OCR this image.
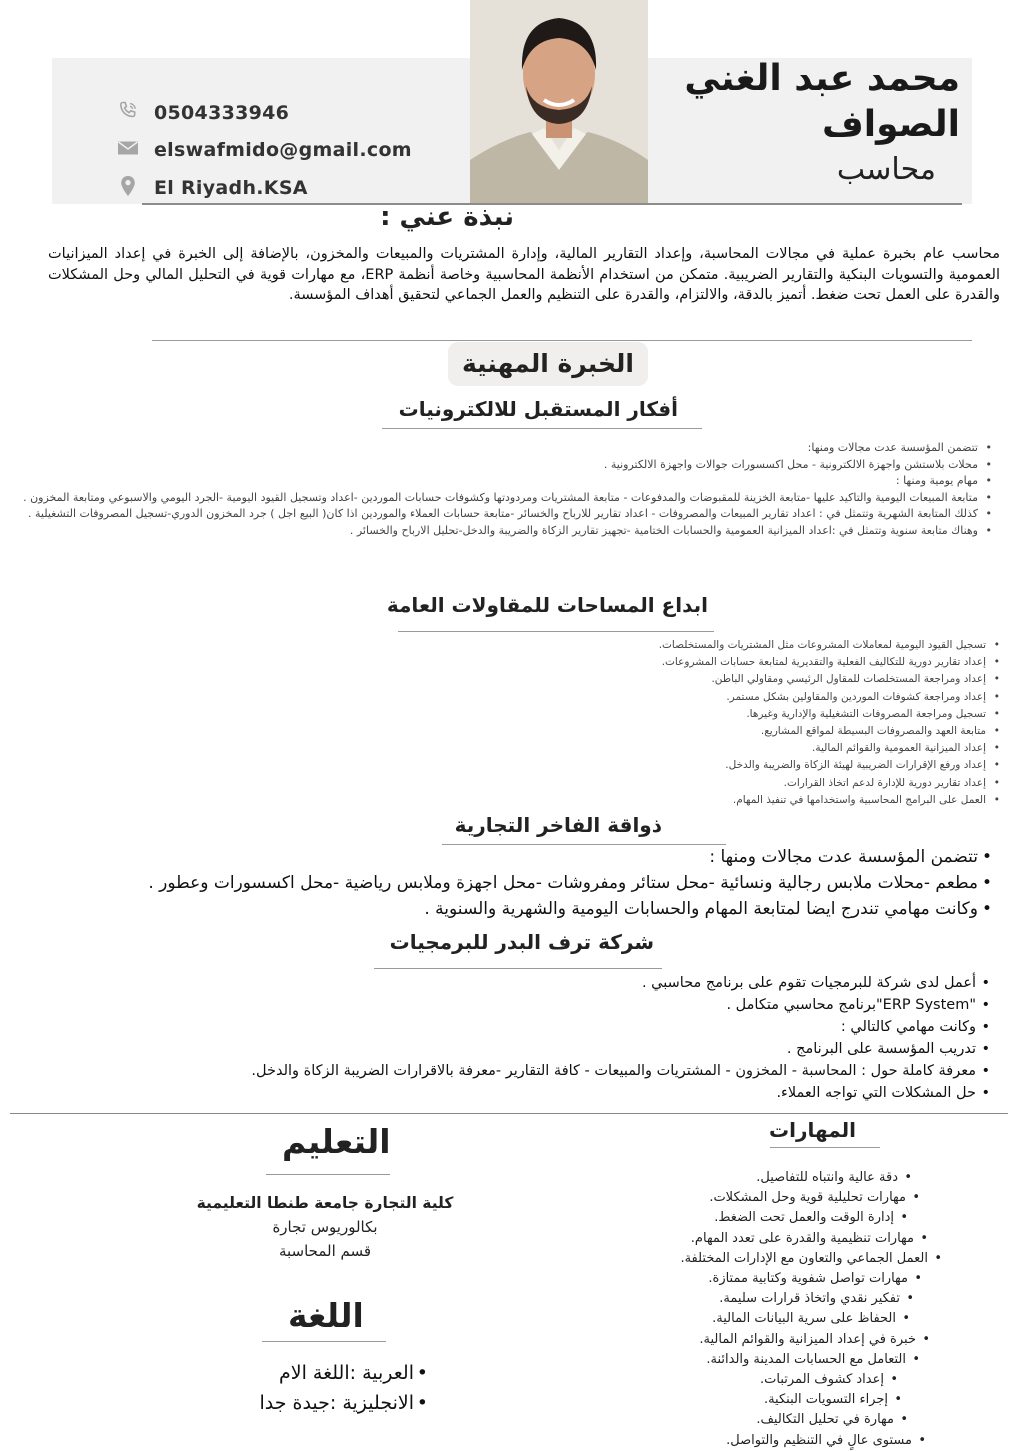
0504333946
elswafmido@gmail.com
El Riyadh.KSA
محمد عبد الغني
الصواف
محاسب
نبذة عني :
محاسب عام بخبرة عملية في مجالات المحاسبة، وإعداد التقارير المالية، وإدارة المشتريات والمبيعات والمخزون، بالإضافة إلى الخبرة في إعداد الميزانيات العمومية والتسويات البنكية والتقارير الضريبية. متمكن من استخدام الأنظمة المحاسبية وخاصة أنظمة ERP، مع مهارات قوية في التحليل المالي وحل المشكلات والقدرة على العمل تحت ضغط. أتميز بالدقة، والالتزام، والقدرة على التنظيم والعمل الجماعي لتحقيق أهداف المؤسسة.
الخبرة المهنية
أفكار المستقبل للالكترونيات
• تتضمن المؤسسة عدت مجالات ومنها:
• محلات بلاستشن واجهزة الالكترونية - محل اكسسورات جوالات واجهزة الالكترونية .
• مهام يومية ومنها :
• متابعة المبيعات اليومية والتاكيد عليها -متابعة الخزينة للمقبوضات والمدفوعات - متابعة المشتريات ومردودتها وكشوفات حسابات الموردين -اعداد وتسجيل القيود اليومية -الجرد اليومي والاسبوعي ومتابعة المخزون .
• كذلك المتابعة الشهرية وتتمثل في : اعداد تقارير المبيعات والمصروفات - اعداد تقارير للارباح والخسائر -متابعة حسابات العملاء والموردين اذا كان( البيع اجل ) جرد المخزون الدوري-تسجيل المصروفات التشغيلية .
• وهناك متابعة سنوية وتتمثل في :اعداد الميزانية العمومية والحسابات الختامية -تجهيز تقارير الزكاة والضريبة والدخل-تحليل الارباح والخسائر .
ابداع المساحات للمقاولات العامة
• تسجيل القيود اليومية لمعاملات المشروعات مثل المشتريات والمستخلصات.
• إعداد تقارير دورية للتكاليف الفعلية والتقديرية لمتابعة حسابات المشروعات.
• إعداد ومراجعة المستخلصات للمقاول الرئيسي ومقاولي الباطن.
• إعداد ومراجعة كشوفات الموردين والمقاولين بشكل مستمر.
• تسجيل ومراجعة المصروفات التشغيلية والإدارية وغيرها.
• متابعة العهد والمصروفات البسيطة لمواقع المشاريع.
• إعداد الميزانية العمومية والقوائم المالية.
• إعداد ورفع الإقرارات الضريبية لهيئة الزكاة والضريبة والدخل.
• إعداد تقارير دورية للإدارة لدعم اتخاذ القرارات.
• العمل على البرامج المحاسبية واستخدامها في تنفيذ المهام.
ذواقة الفاخر التجارية
• تتضمن المؤسسة عدت مجالات ومنها :
• مطعم -محلات ملابس رجالية ونسائية -محل ستائر ومفروشات -محل اجهزة وملابس رياضية -محل اكسسورات وعطور .
• وكانت مهامي تندرج ايضا لمتابعة المهام والحسابات اليومية والشهرية والسنوية .
شركة ترف البدر للبرمجيات
• أعمل لدى شركة للبرمجيات تقوم على برنامج محاسبي .
• "ERP System"برنامج محاسبي متكامل .
• وكانت مهامي كالتالي :
• تدريب المؤسسة على البرنامج .
• معرفة كاملة حول : المحاسبة - المخزون - المشتريات والمبيعات - كافة التقارير -معرفة بالاقرارات الضريبة الزكاة والدخل.
• حل المشكلات التي تواجه العملاء.
المهارات
• دقة عالية وانتباه للتفاصيل.
• مهارات تحليلية قوية وحل المشكلات.
• إدارة الوقت والعمل تحت الضغط.
• مهارات تنظيمية والقدرة على تعدد المهام.
• العمل الجماعي والتعاون مع الإدارات المختلفة.
• مهارات تواصل شفوية وكتابية ممتازة.
• تفكير نقدي واتخاذ قرارات سليمة.
• الحفاظ على سرية البيانات المالية.
• خبرة في إعداد الميزانية والقوائم المالية.
• التعامل مع الحسابات المدينة والدائنة.
• إعداد كشوف المرتبات.
• إجراء التسويات البنكية.
• مهارة في تحليل التكاليف.
• مستوى عالٍ في التنظيم والتواصل.
التعليم
كلية التجارة جامعة طنطا التعليمية
بكالوريوس تجارة
قسم المحاسبة
اللغة
• العربية :اللغة الام
• الانجليزية :جيدة جدا
